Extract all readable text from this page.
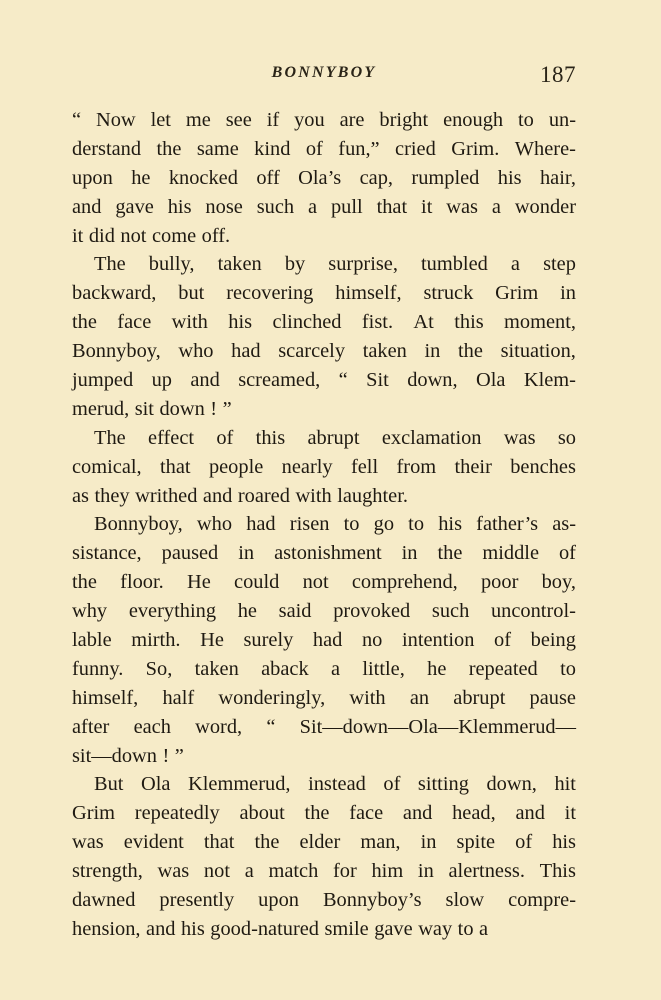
BONNYBOY	187
“ Now let me see if you are bright enough to un-
derstand the same kind of fun,” cried Grim. Where-
upon he knocked off Ola’s cap, rumpled his hair,
and gave his nose such a pull that it was a wonder
it did not come off.
The bully, taken by surprise, tumbled a step
backward, but recovering himself, struck Grim in
the face with his clinched fist. At this moment,
Bonnyboy, who had scarcely taken in the situation,
jumped up and screamed, “ Sit down, Ola Klem-
merud, sit down ! ”
The effect of this abrupt exclamation was so
comical, that people nearly fell from their benches
as they writhed and roared with laughter.
Bonnyboy, who had risen to go to his father’s as-
sistance, paused in astonishment in the middle of
the floor. He could not comprehend, poor boy,
why everything he said provoked such uncontrol-
lable mirth. He surely had no intention of being
funny. So, taken aback a little, he repeated to
himself, half wonderingly, with an abrupt pause
after each word, “ Sit—down—Ola—Klemmerud—
sit—down ! ”
But Ola Klemmerud, instead of sitting down, hit
Grim repeatedly about the face and head, and it
was evident that the elder man, in spite of his
strength, was not a match for him in alertness. This
dawned presently upon Bonnyboy’s slow compre-
hension, and his good-natured smile gave way to a
